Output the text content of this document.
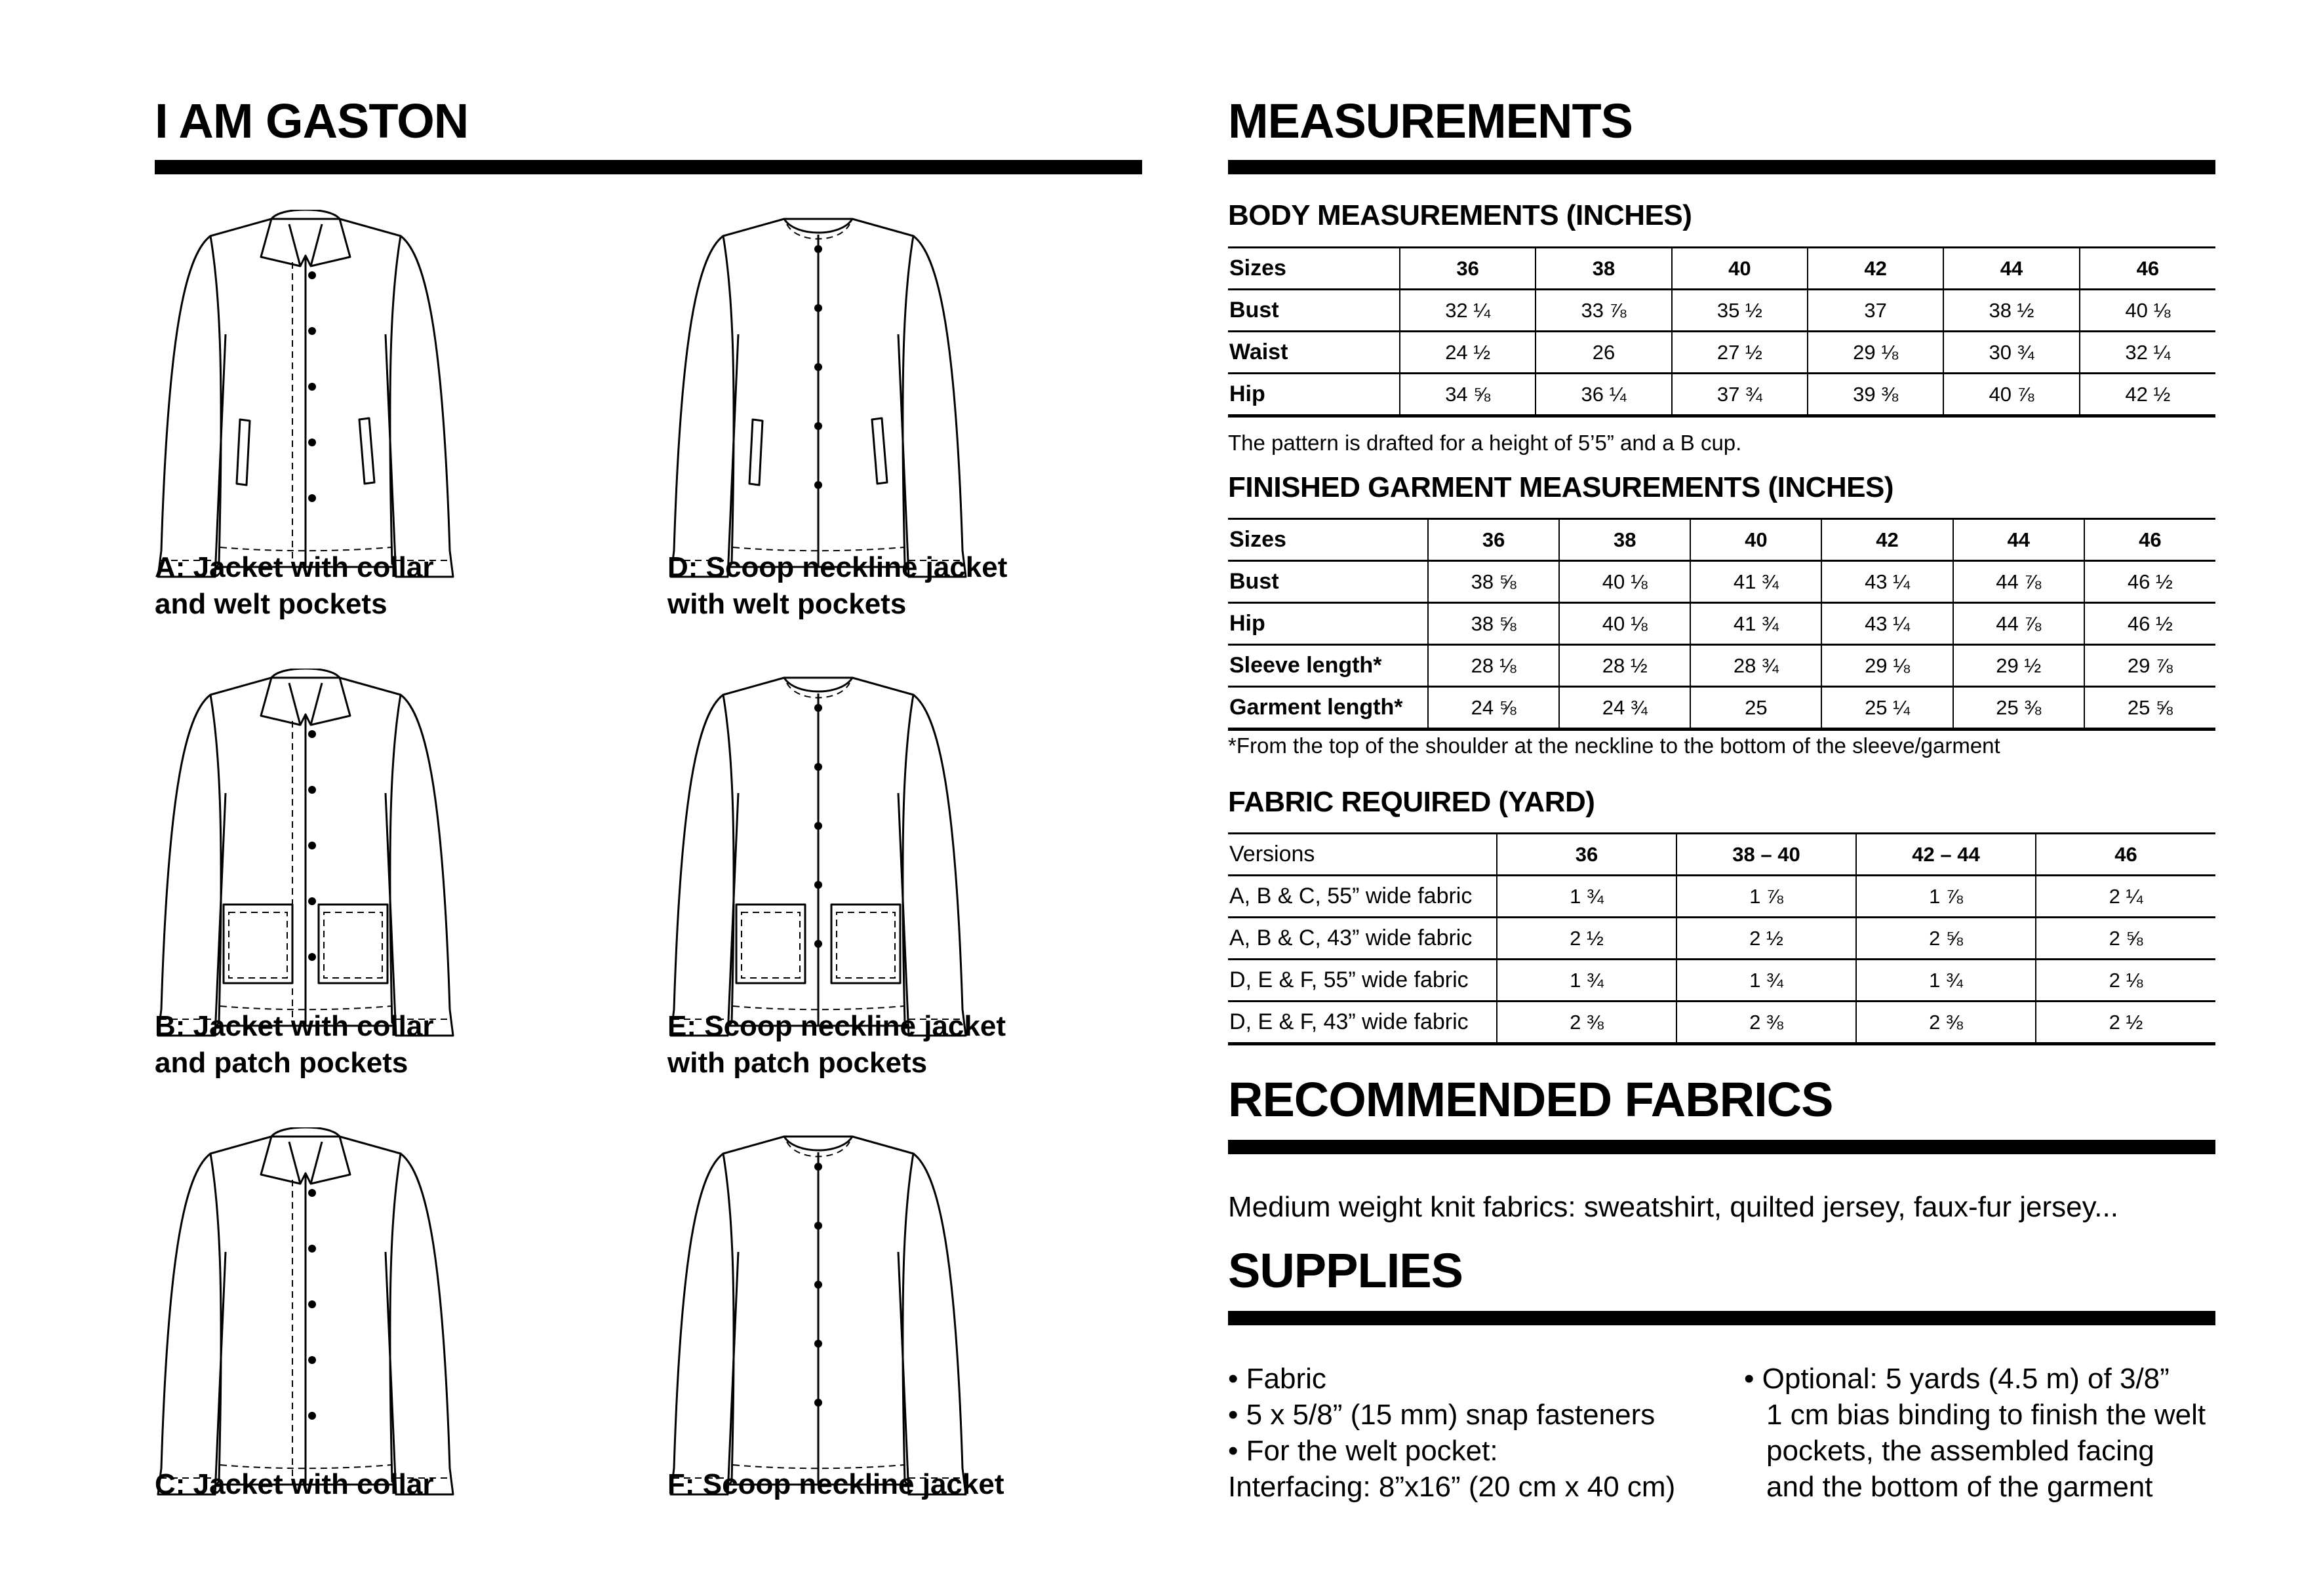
I AM GASTON
A: Jacket with collar
and welt pockets
D: Scoop neckline jacket
with welt pockets
B: Jacket with collar
and patch pockets
E: Scoop neckline jacket
with patch pockets
C: Jacket with collar	F: Scoop neckline jacket
MEASUREMENTS
BODY MEASUREMENTS (INCHES)
Sizes	36	38	40	42	44	46
Bust	32 ¼	33 ⅞	35 ½	37	38 ½	40 ⅛
Waist	24 ½	26	27 ½	29 ⅛	30 ¾	32 ¼
Hip	34 ⅝	36 ¼	37 ¾	39 ⅜	40 ⅞	42 ½
The pattern is drafted for a height of 5’5” and a B cup.
FINISHED GARMENT MEASUREMENTS (INCHES)
Sizes	36	38	40	42	44	46
Bust	38 ⅝	40 ⅛	41 ¾	43 ¼	44 ⅞	46 ½
Hip	38 ⅝	40 ⅛	41 ¾	43 ¼	44 ⅞	46 ½
Sleeve length*	28 ⅛	28 ½	28 ¾	29 ⅛	29 ½	29 ⅞
Garment length*	24 ⅝	24 ¾	25	25 ¼	25 ⅜	25 ⅝
*From the top of the shoulder at the neckline to the bottom of the sleeve/garment
FABRIC REQUIRED (YARD)
Versions	36	38 – 40	42 – 44	46
A, B & C, 55” wide fabric	1 ¾	1 ⅞	1 ⅞	2 ¼
A, B & C, 43” wide fabric	2 ½	2 ½	2 ⅝	2 ⅝
D, E & F, 55” wide fabric	1 ¾	1 ¾	1 ¾	2 ⅛
D, E & F, 43” wide fabric	2 ⅜	2 ⅜	2 ⅜	2 ½
RECOMMENDED FABRICS
Medium weight knit fabrics: sweatshirt, quilted jersey, faux-fur jersey...
SUPPLIES
• Fabric
• 5 x 5/8” (15 mm) snap fasteners
• For the welt pocket:
Interfacing: 8”x16” (20 cm x 40 cm)
• Optional: 5 yards (4.5 m) of 3/8”
1 cm bias binding to finish the welt
pockets, the assembled facing
and the bottom of the garment
